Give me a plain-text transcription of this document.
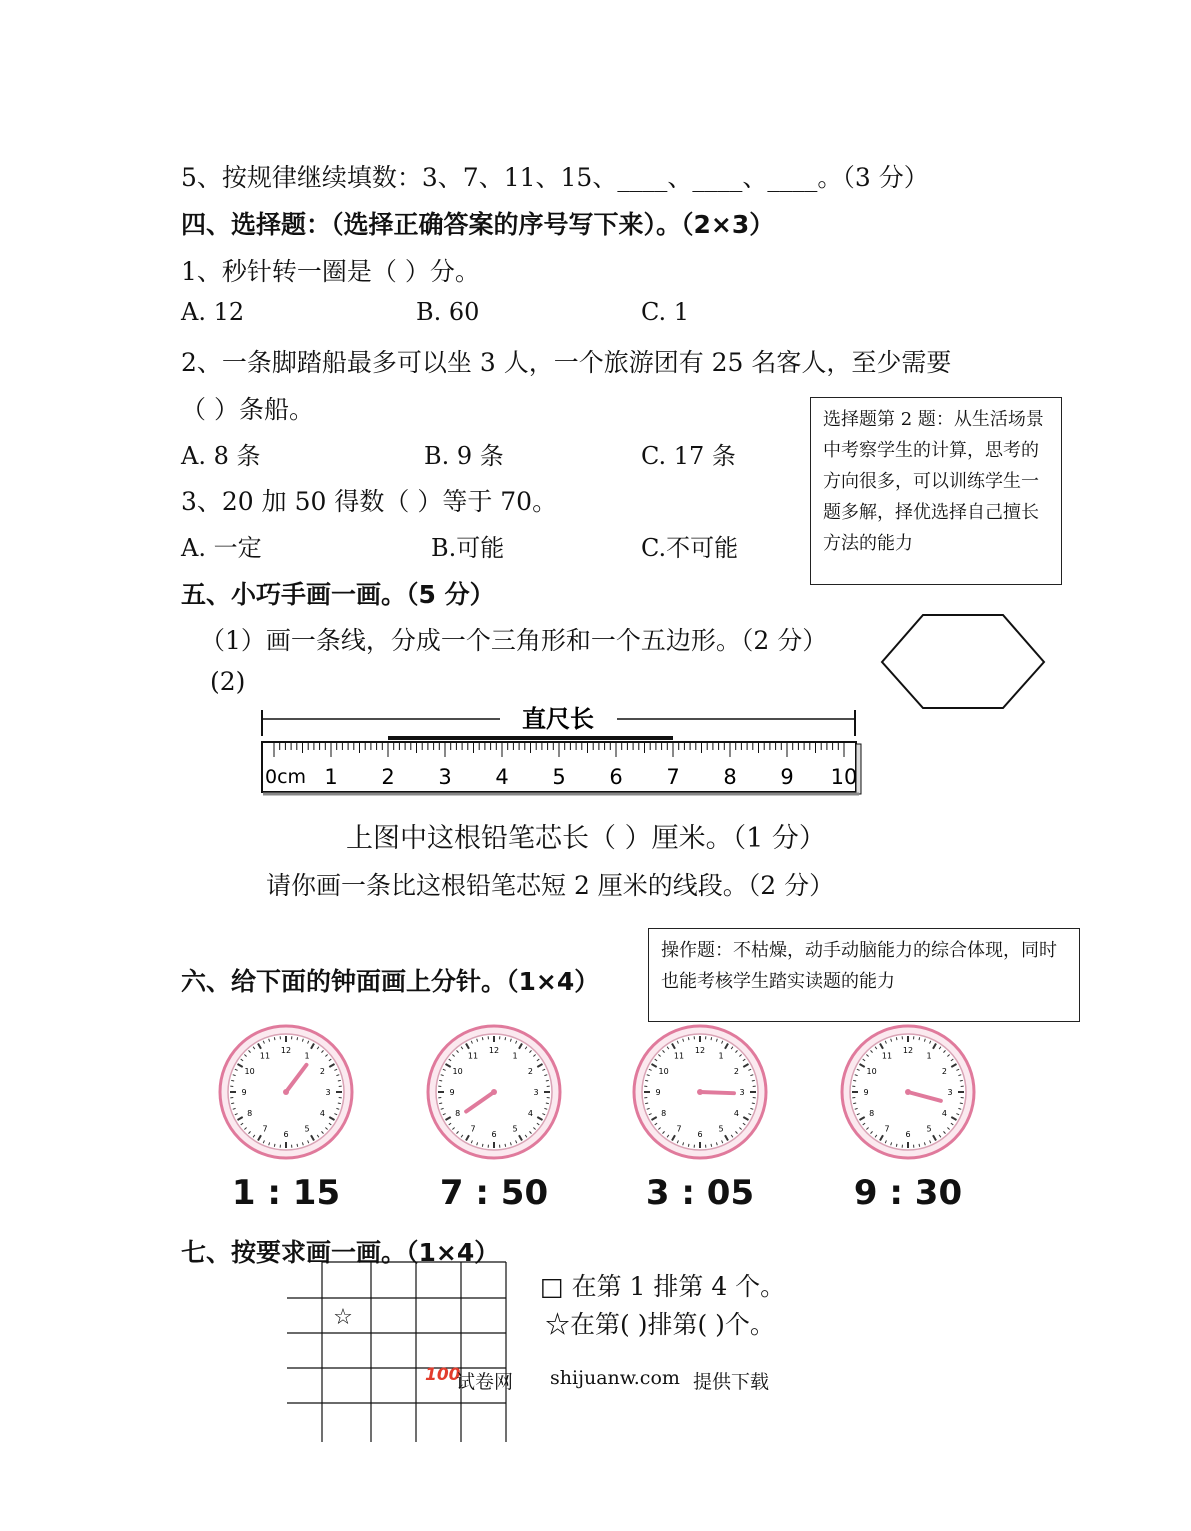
5、按规律继续填数：3、7、11、15、____、____、____。（3 分）
四、选择题：（选择正确答案的序号写下来）。（2×3）
1、秒针转一圈是（ ）分。
A. 12	B. 60	C. 1
2、一条脚踏船最多可以坐 3 人，一个旅游团有 25 名客人，至少需要
（ ）条船。
A. 8 条	B. 9 条	C. 17 条
3、20 加 50 得数（ ）等于 70。
A. 一定	B.可能	C.不可能
选择题第 2 题：从生活场景中考察学生的计算，思考的方向很多，可以训练学生一题多解，择优选择自己擅长方法的能力
五、小巧手画一画。（5 分）
（1）画一条线，分成一个三角形和一个五边形。（2 分）
(2)
直尺长
0cm 1 2 3 4 5 6 7 8 9 10
上图中这根铅笔芯长（ ）厘米。（1 分）
请你画一条比这根铅笔芯短 2 厘米的线段。（2 分）
操作题：不枯燥，动手动脑能力的综合体现，同时也能考核学生踏实读题的能力
六、给下面的钟面画上分针。（1×4）
1
2
3
4
5
6
7
8
9
10
11
12
1 : 15
1
2
3
4
5
6
7
8
9
10
11
12
7 : 50
1
2
3
4
5
6
7
8
9
10
11
12
3 : 05
1
2
3
4
5
6
7
8
9
10
11
12
9 : 30
七、按要求画一画。（1×4）
☆
□ 在第 1 排第 4 个。
☆在第( )排第( )个。
100
试卷网 shijuanw.com 提供下载
